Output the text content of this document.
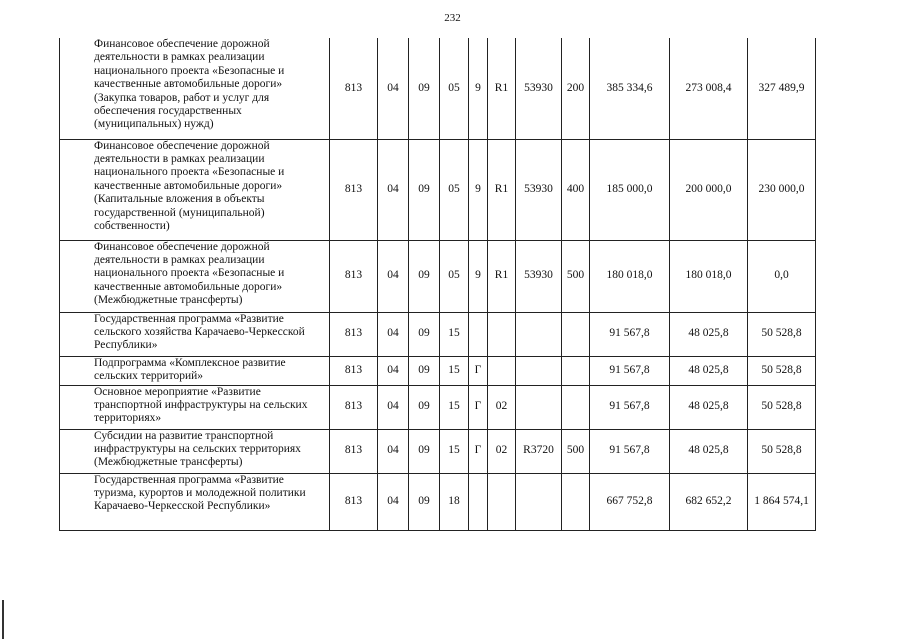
232
Финансовое обеспечение дорожной деятельности в рамках реализации национального проекта «Безопасные и качественные автомобильные дороги» (Закупка товаров, работ и услуг для обеспечения государственных (муниципальных) нужд)	813	04	09	05	9	R1	53930	200	385 334,6	273 008,4	327 489,9
Финансовое обеспечение дорожной деятельности в рамках реализации национального проекта «Безопасные и качественные автомобильные дороги» (Капитальные вложения в объекты государственной (муниципальной) собственности)	813	04	09	05	9	R1	53930	400	185 000,0	200 000,0	230 000,0
Финансовое обеспечение дорожной деятельности в рамках реализации национального проекта «Безопасные и качественные автомобильные дороги» (Межбюджетные трансферты)	813	04	09	05	9	R1	53930	500	180 018,0	180 018,0	0,0
Государственная программа «Развитие сельского хозяйства Карачаево-Черкесской Республики»	813	04	09	15					91 567,8	48 025,8	50 528,8
Подпрограмма «Комплексное развитие сельских территорий»	813	04	09	15	Г				91 567,8	48 025,8	50 528,8
Основное мероприятие «Развитие транспортной инфраструктуры на сельских территориях»	813	04	09	15	Г	02			91 567,8	48 025,8	50 528,8
Субсидии на развитие транспортной инфраструктуры на сельских территориях (Межбюджетные трансферты)	813	04	09	15	Г	02	R3720	500	91 567,8	48 025,8	50 528,8
Государственная программа «Развитие туризма, курортов и молодежной политики Карачаево-Черкесской Республики»	813	04	09	18					667 752,8	682 652,2	1 864 574,1
